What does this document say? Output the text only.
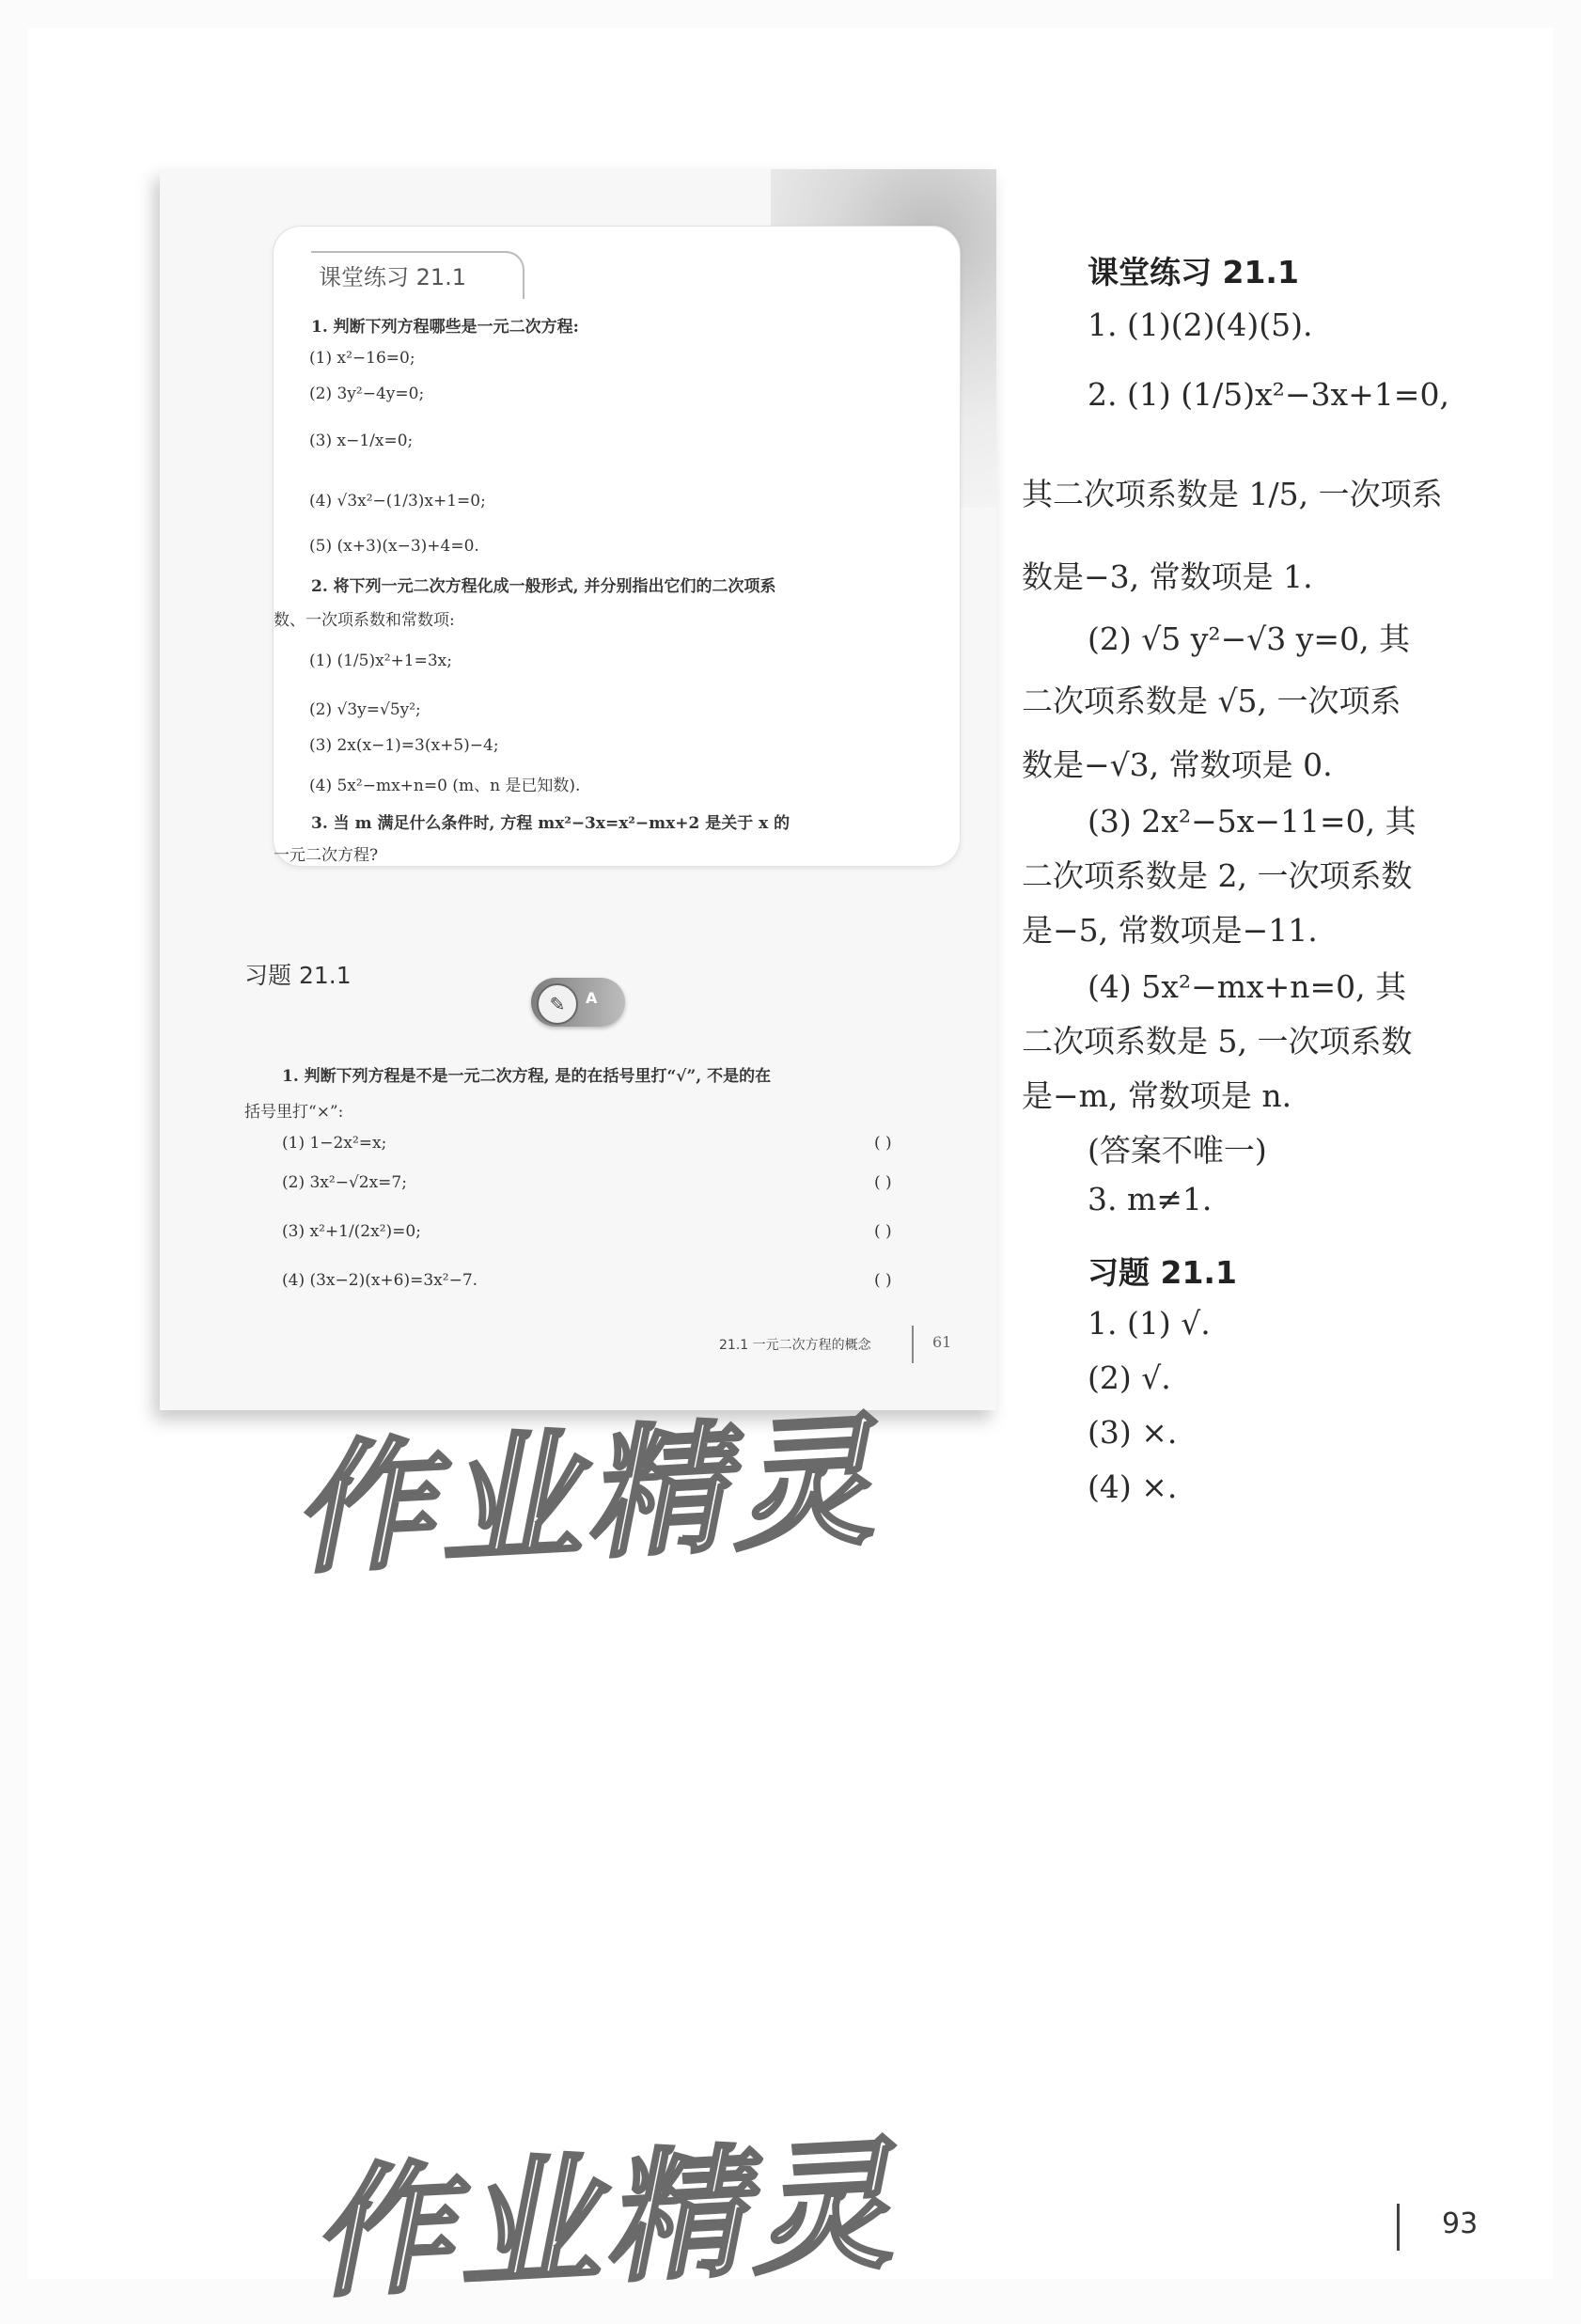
课堂练习 21.1
1. 判断下列方程哪些是一元二次方程:
(1) x²−16=0;
(2) 3y²−4y=0;
(3) x−1/x=0;
(4) √3x²−(1/3)x+1=0;
(5) (x+3)(x−3)+4=0.
2. 将下列一元二次方程化成一般形式, 并分别指出它们的二次项系
数、一次项系数和常数项:
(1) (1/5)x²+1=3x;
(2) √3y=√5y²;
(3) 2x(x−1)=3(x+5)−4;
(4) 5x²−mx+n=0 (m、n 是已知数).
3. 当 m 满足什么条件时, 方程 mx²−3x=x²−mx+2 是关于 x 的
一元二次方程?
习题 21.1
✎	A
1. 判断下列方程是不是一元二次方程, 是的在括号里打“√”, 不是的在
括号里打“×”:
(1) 1−2x²=x;
(2) 3x²−√2x=7;
(3) x²+1/(2x²)=0;
(4) (3x−2)(x+6)=3x²−7.
( )
( )
( )
( )
21.1 一元二次方程的概念	61
作业精灵
作业精灵
课堂练习 21.1
1. (1)(2)(4)(5).
2. (1) (1/5)x²−3x+1=0,
其二次项系数是 1/5, 一次项系
数是−3, 常数项是 1.
(2) √5 y²−√3 y=0, 其
二次项系数是 √5, 一次项系
数是−√3, 常数项是 0.
(3) 2x²−5x−11=0, 其
二次项系数是 2, 一次项系数
是−5, 常数项是−11.
(4) 5x²−mx+n=0, 其
二次项系数是 5, 一次项系数
是−m, 常数项是 n.
(答案不唯一)
3. m≠1.
习题 21.1
1. (1) √.
(2) √.
(3) ×.
(4) ×.
93
